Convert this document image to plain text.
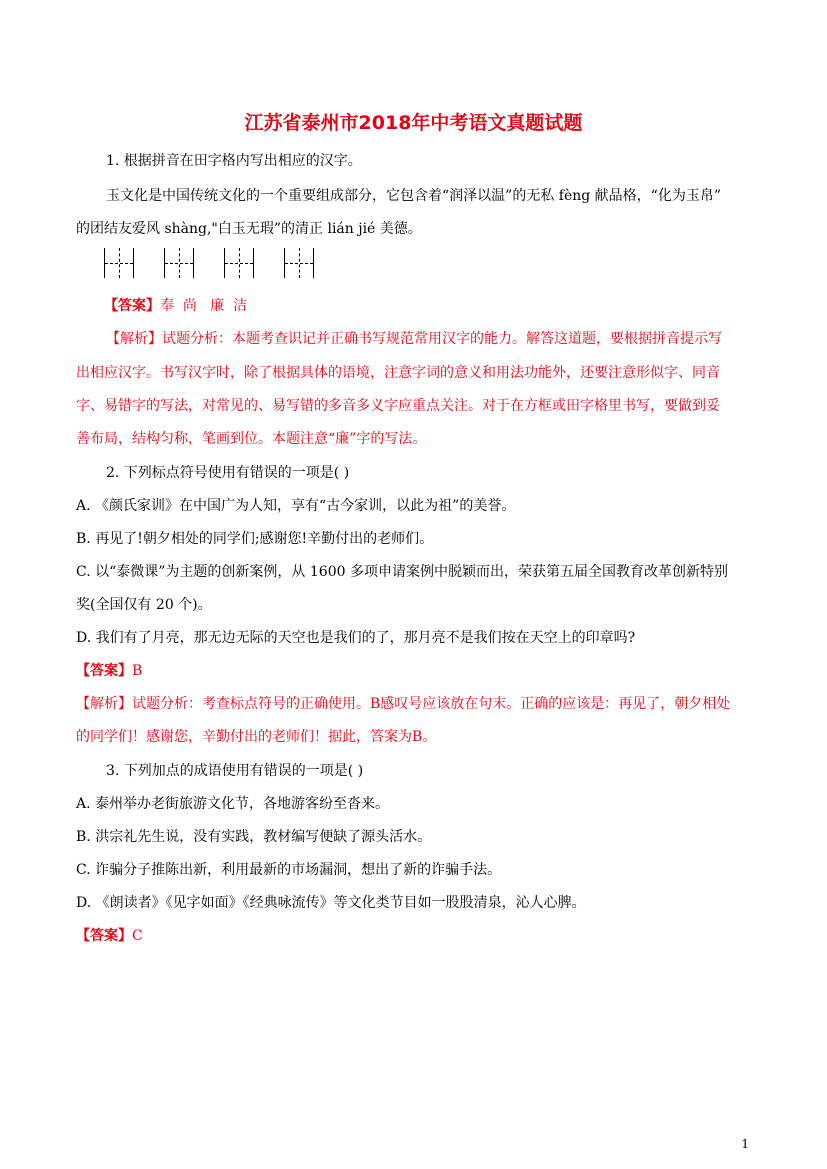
江苏省泰州市2018年中考语文真题试题
1. 根据拼音在田字格内写出相应的汉字。
玉文化是中国传统文化的一个重要组成部分，它包含着“润泽以温”的无私 fèng 献品格，“化为玉帛”
的团结友爱风 shàng,"白玉无瑕”的清正 lián jié 美德。
【答案】奉  尚   廉  洁
【解析】试题分析：本题考查识记并正确书写规范常用汉字的能力。解答这道题，要根据拼音提示写
出相应汉字。书写汉字时，除了根据具体的语境，注意字词的意义和用法功能外，还要注意形似字、同音
字、易错字的写法，对常见的、易写错的多音多义字应重点关注。对于在方框或田字格里书写，要做到妥
善布局，结构匀称，笔画到位。本题注意“廉”字的写法。
2. 下列标点符号使用有错误的一项是( )
A. 《颜氏家训》在中国广为人知，享有“古今家训，以此为祖”的美誉。
B. 再见了!朝夕相处的同学们;感谢您!辛勤付出的老师们。
C. 以“泰微课”为主题的创新案例，从 1600 多项申请案例中脱颖而出，荣获第五届全国教育改革创新特别
奖(全国仅有 20 个)。
D. 我们有了月亮，那无边无际的天空也是我们的了，那月亮不是我们按在天空上的印章吗?
【答案】B
【解析】试题分析：考查标点符号的正确使用。B感叹号应该放在句末。正确的应该是：再见了，朝夕相处
的同学们！感谢您，辛勤付出的老师们！据此，答案为B。
3. 下列加点的成语使用有错误的一项是( )
A. 泰州举办老街旅游文化节，各地游客纷至沓来。
B. 洪宗礼先生说，没有实践，教材编写便缺了源头活水。
C. 诈骗分子推陈出新，利用最新的市场漏洞，想出了新的诈骗手法。
D. 《朗读者》《见字如面》《经典咏流传》等文化类节目如一股股清泉，沁人心脾。
【答案】C
1
